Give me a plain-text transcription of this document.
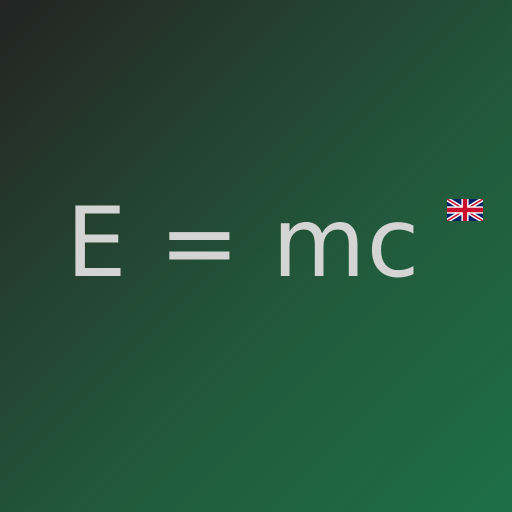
E = mc
